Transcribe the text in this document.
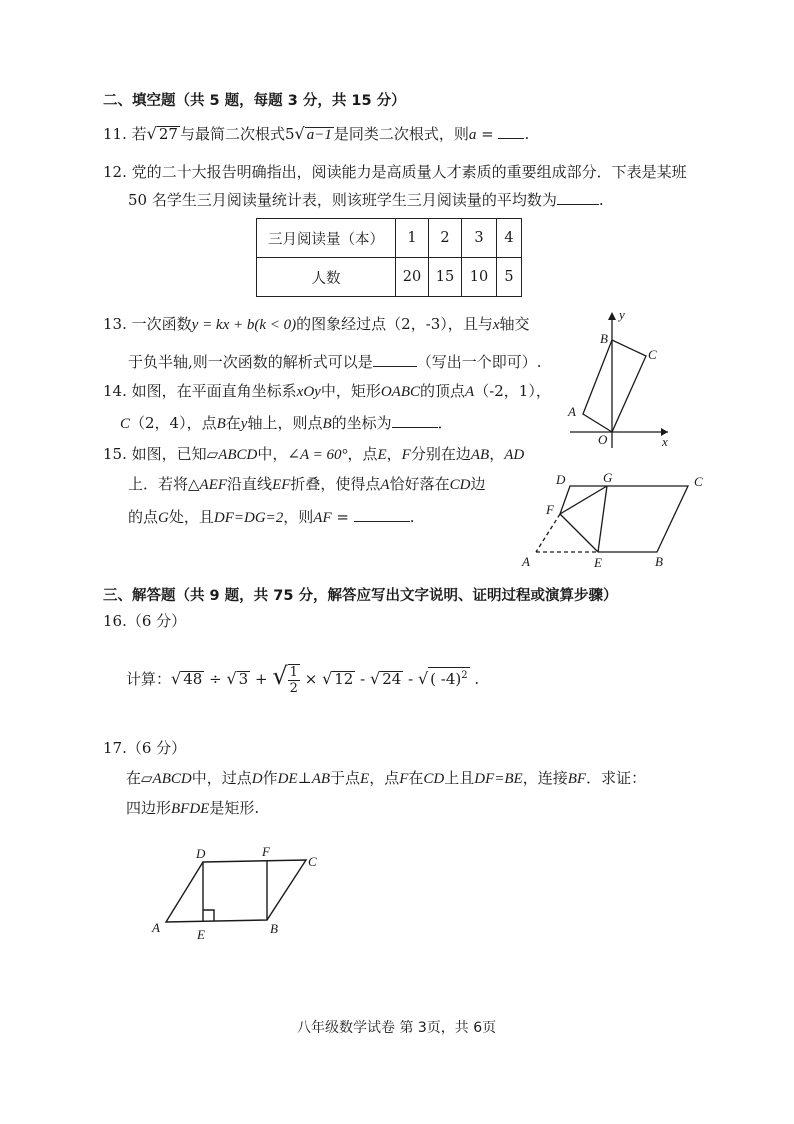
二、填空题（共 5 题，每题 3 分，共 15 分）
11. 若√ 27 与最简二次根式5√ a−1 是同类二次根式，则a = .
12. 党的二十大报告明确指出，阅读能力是高质量人才素质的重要组成部分．下表是某班
50 名学生三月阅读量统计表，则该班学生三月阅读量的平均数为	.
三月阅读量（本）	1	2	3	4
人数	20	15	10	5
13. 一次函数y = kx + b(k < 0)的图象经过点（2，-3），且与x轴交
于负半轴,则一次函数的解析式可以是	（写出一个即可）.
14. 如图，在平面直角坐标系xOy中，矩形OABC的顶点A（-2，1），
C（2，4），点B在y轴上，则点B的坐标为	．
y
B
C
A
O	x
15. 如图，已知▱ABCD中，∠A = 60°，点E，F分别在边AB，AD
上．若将△AEF沿直线EF折叠，使得点A恰好落在CD边
的点G处，且DF=DG=2，则AF =	.
D	G	C
F
A	E	B
三、解答题（共 9 题，共 75 分，解答应写出文字说明、证明过程或演算步骤）
16.（6 分）
计算：√ 48 ÷ √ 3 + √ $\frac{1}{2}$ × √ 12 - √ 24 - √ ( -4)$^2$ .
17.（6 分）
在▱ABCD中，过点D作DE⊥AB于点E，点F在CD上且DF=BE，连接BF．求证：
四边形BFDE是矩形.
D	F
C
A	E	B
八年级数学试卷 第 3页，共 6页
